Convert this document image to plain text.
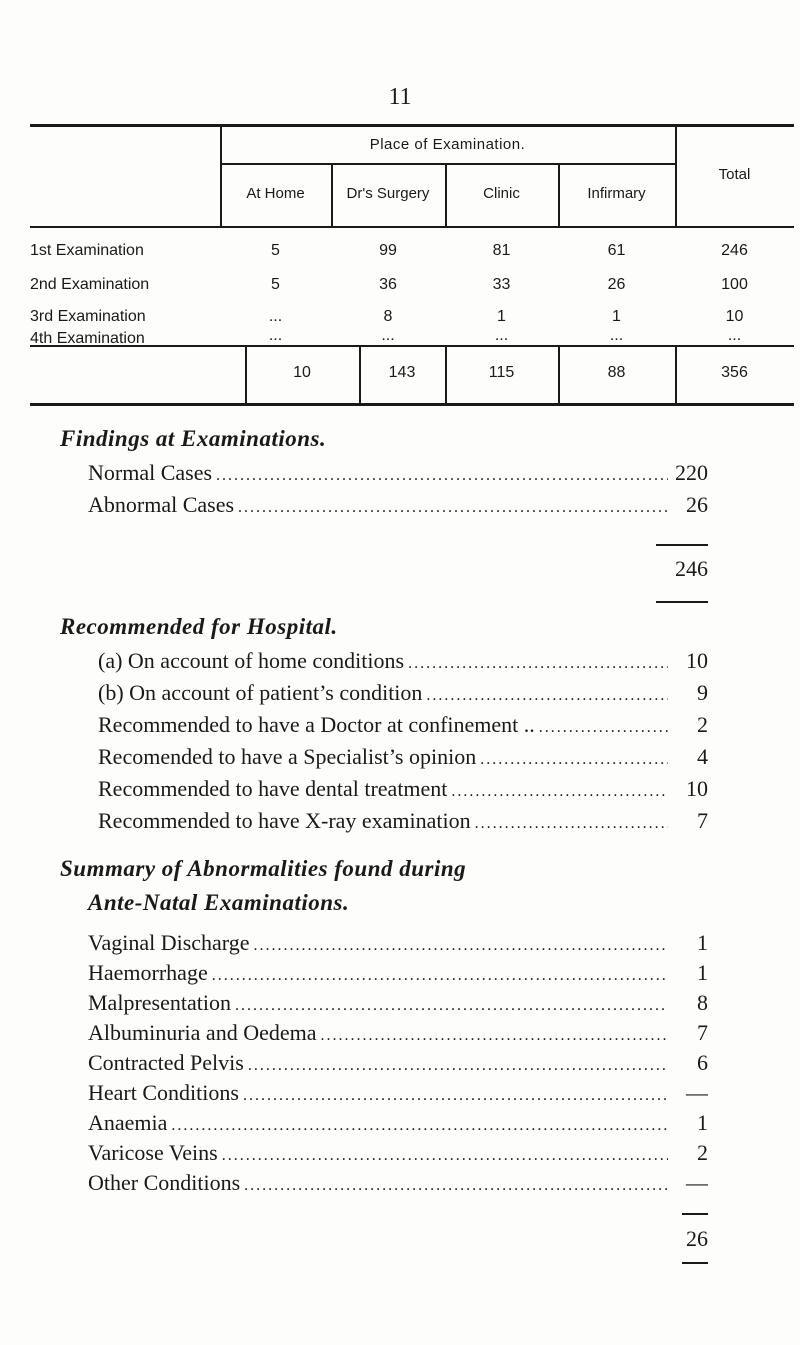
11
Place of Examination.
Total
At Home	Dr's Surgery	Clinic	Infirmary
1st Examination	5	99	81	61	246
2nd Examination	5	36	33	26	100
3rd Examination	...	8	1	1	10
4th Examination	...	...	...	...	...
10	143	115	88	356
Findings at Examinations.
Normal Cases .....	220
Abnormal Cases .....	26
246
Recommended for Hospital.
(a) On account of home conditions .....	10
(b) On account of patient’s condition .....	9
Recommended to have a Doctor at confinement .. .....	2
Recomended to have a Specialist’s opinion .....	4
Recommended to have dental treatment .....	10
Recommended to have X-ray examination .....	7
Summary of Abnormalities found during
Ante-Natal Examinations.
Vaginal Discharge .....	1
Haemorrhage .....	1
Malpresentation .....	8
Albuminuria and Oedema .....	7
Contracted Pelvis .....	6
Heart Conditions .....	—
Anaemia .....	1
Varicose Veins .....	2
Other Conditions .....	—
26
